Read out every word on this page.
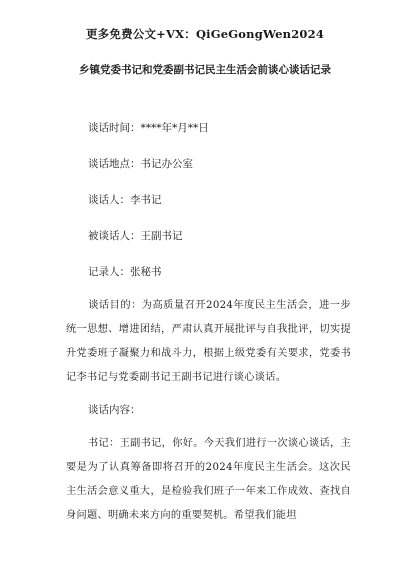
更多免费公文+VX：QiGeGongWen2024
乡镇党委书记和党委副书记民主生活会前谈心谈话记录
谈话时间：****年*月**日
谈话地点：书记办公室
谈话人：李书记
被谈话人：王副书记
记录人：张秘书
谈话目的：为高质量召开2024年度民主生活会，进一步统一思想、增进团结，严肃认真开展批评与自我批评，切实提升党委班子凝聚力和战斗力，根据上级党委有关要求，党委书记李书记与党委副书记王副书记进行谈心谈话。
谈话内容：
书记：王副书记，你好。今天我们进行一次谈心谈话，主要是为了认真筹备即将召开的2024年度民主生活会。这次民主生活会意义重大，是检验我们班子一年来工作成效、查找自身问题、明确未来方向的重要契机。希望我们能坦
